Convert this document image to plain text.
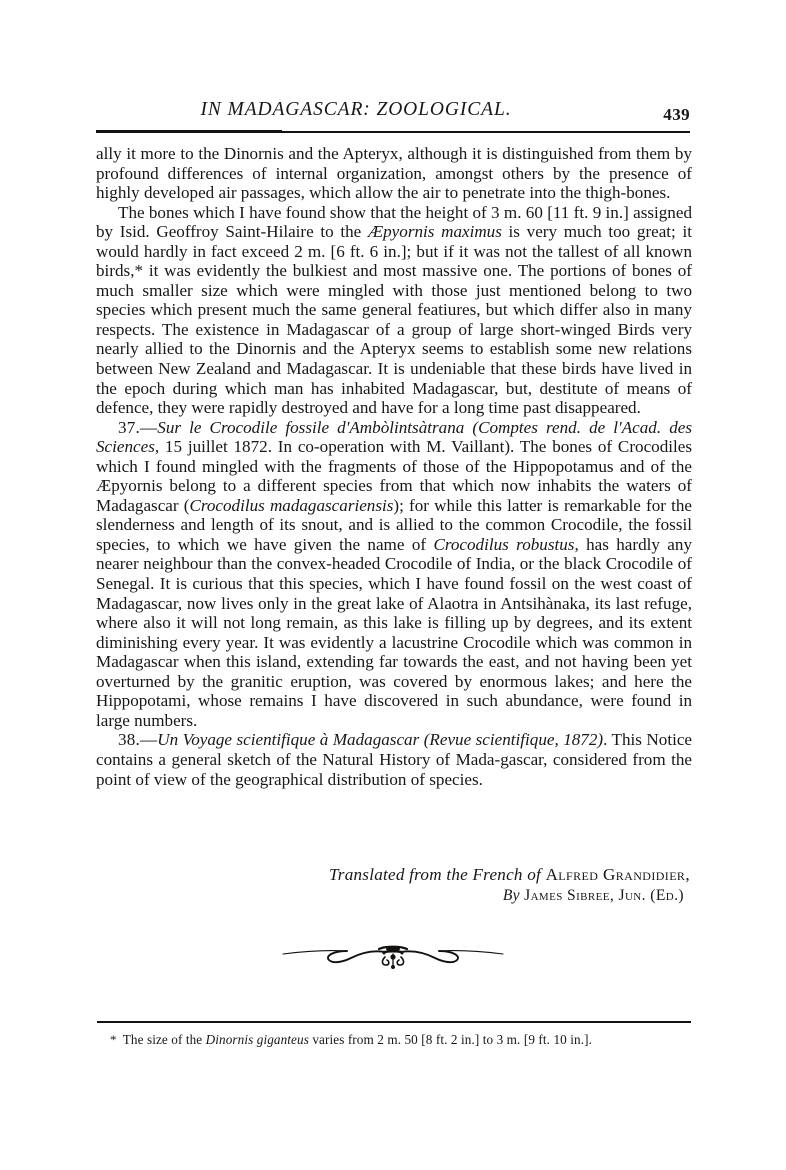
IN MADAGASCAR: ZOOLOGICAL.	439

ally it more to the Dinornis and the Apteryx, although it is distinguished from them by profound differences of internal organization, amongst others by the presence of highly developed air passages, which allow the air to penetrate into the thigh-bones.

The bones which I have found show that the height of 3 m. 60 [11 ft. 9 in.] assigned by Isid. Geoffroy Saint-Hilaire to the Æpyornis maximus is very much too great; it would hardly in fact exceed 2 m. [6 ft. 6 in.]; but if it was not the tallest of all known birds,* it was evidently the bulkiest and most massive one. The portions of bones of much smaller size which were mingled with those just mentioned belong to two species which present much the same general featiures, but which differ also in many respects. The existence in Madagascar of a group of large short-winged Birds very nearly allied to the Dinornis and the Apteryx seems to establish some new relations between New Zealand and Madagascar. It is undeniable that these birds have lived in the epoch during which man has inhabited Madagascar, but, destitute of means of defence, they were rapidly destroyed and have for a long time past disappeared.

37.—Sur le Crocodile fossile d'Ambòlintsàtrana (Comptes rend. de l'Acad. des Sciences, 15 juillet 1872. In co-operation with M. Vaillant). The bones of Crocodiles which I found mingled with the fragments of those of the Hippopotamus and of the Æpyornis belong to a different species from that which now inhabits the waters of Madagascar (Crocodilus madagascariensis); for while this latter is remarkable for the slenderness and length of its snout, and is allied to the common Crocodile, the fossil species, to which we have given the name of Crocodilus robustus, has hardly any nearer neighbour than the convex-headed Crocodile of India, or the black Crocodile of Senegal. It is curious that this species, which I have found fossil on the west coast of Madagascar, now lives only in the great lake of Alaotra in Antsihànaka, its last refuge, where also it will not long remain, as this lake is filling up by degrees, and its extent diminishing every year. It was evidently a lacustrine Crocodile which was common in Madagascar when this island, extending far towards the east, and not having been yet overturned by the granitic eruption, was covered by enormous lakes; and here the Hippopotami, whose remains I have discovered in such abundance, were found in large numbers.

38.—Un Voyage scientifique à Madagascar (Revue scientifique, 1872). This Notice contains a general sketch of the Natural History of Mada-gascar, considered from the point of view of the geographical distribution of species.

Translated from the French of Alfred Grandidier,
By James Sibree, Jun. (Ed.)
* The size of the Dinornis giganteus varies from 2 m. 50 [8 ft. 2 in.] to 3 m. [9 ft. 10 in.].
